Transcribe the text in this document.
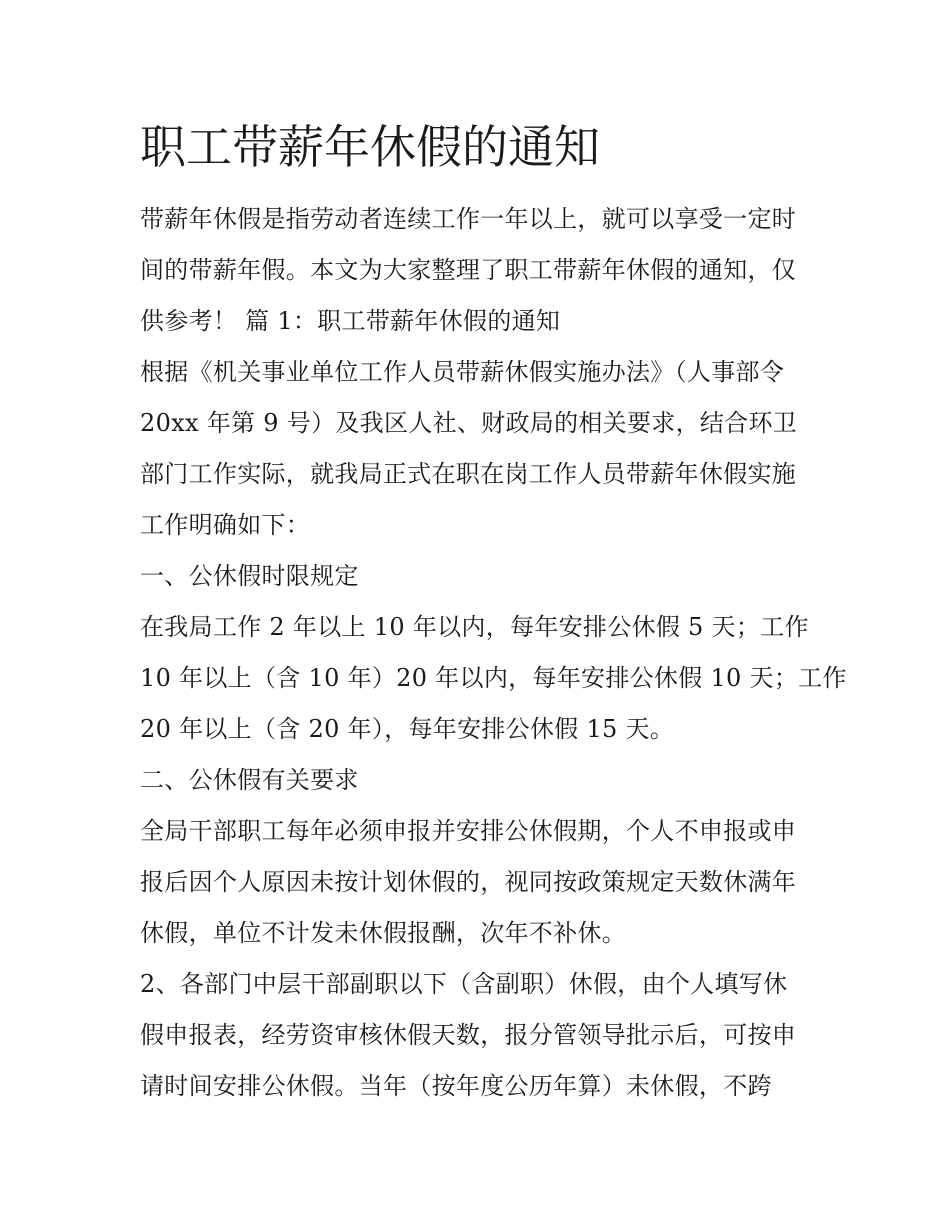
职工带薪年休假的通知

带薪年休假是指劳动者连续工作一年以上，就可以享受一定时

间的带薪年假。本文为大家整理了职工带薪年休假的通知，仅

供参考！ 篇 1：职工带薪年休假的通知

根据《机关事业单位工作人员带薪休假实施办法》（人事部令

20xx 年第 9 号）及我区人社、财政局的相关要求，结合环卫

部门工作实际，就我局正式在职在岗工作人员带薪年休假实施

工作明确如下：

一、公休假时限规定

在我局工作 2 年以上 10 年以内，每年安排公休假 5 天；工作

10 年以上（含 10 年）20 年以内，每年安排公休假 10 天；工作

20 年以上（含 20 年），每年安排公休假 15 天。

二、公休假有关要求

全局干部职工每年必须申报并安排公休假期，个人不申报或申

报后因个人原因未按计划休假的，视同按政策规定天数休满年

休假，单位不计发未休假报酬，次年不补休。

2、各部门中层干部副职以下（含副职）休假，由个人填写休

假申报表，经劳资审核休假天数，报分管领导批示后，可按申

请时间安排公休假。当年（按年度公历年算）未休假，不跨
